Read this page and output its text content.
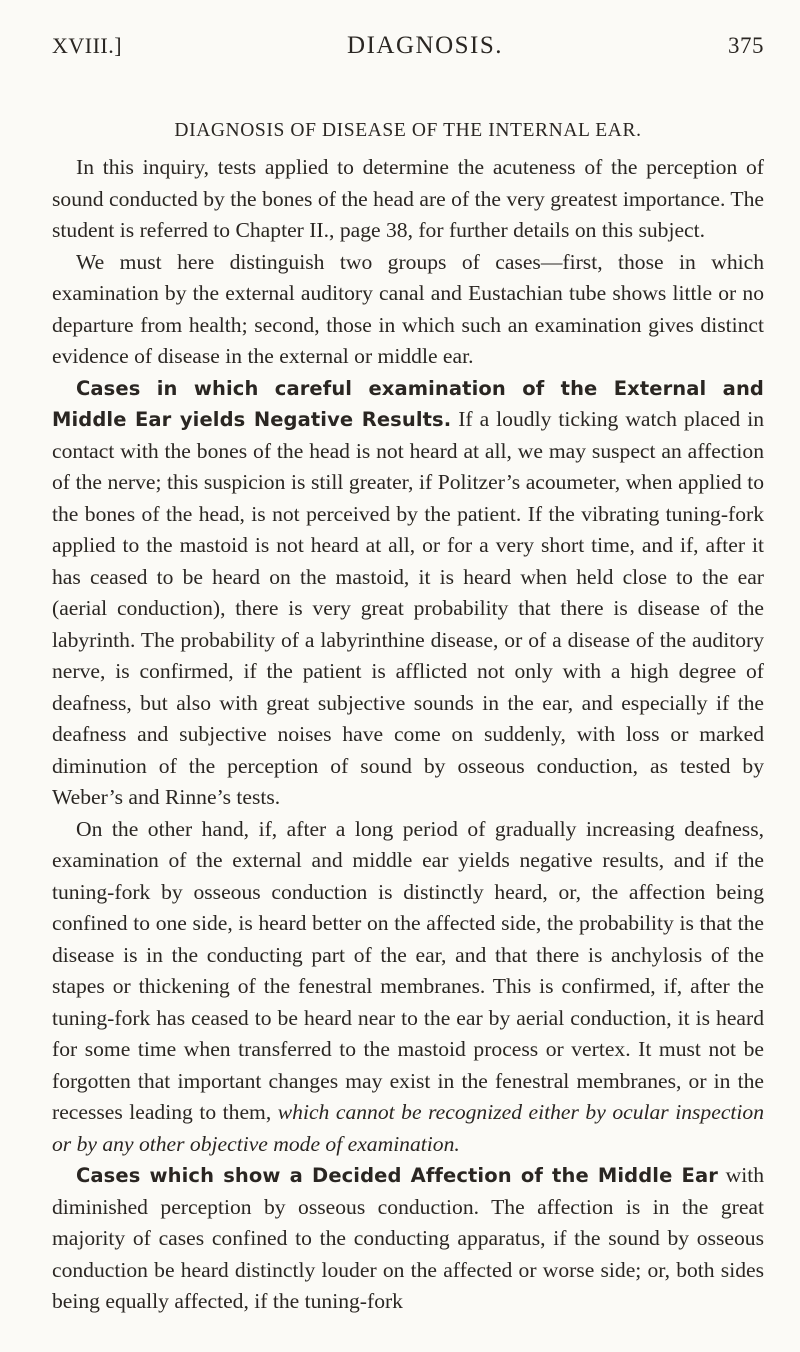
XVIII.]	DIAGNOSIS.	375
DIAGNOSIS OF DISEASE OF THE INTERNAL EAR.

In this inquiry, tests applied to determine the acuteness of the perception of sound conducted by the bones of the head are of the very greatest importance. The student is referred to Chapter II., page 38, for further details on this subject.

We must here distinguish two groups of cases—first, those in which examination by the external auditory canal and Eustachian tube shows little or no departure from health; second, those in which such an examination gives distinct evidence of disease in the external or middle ear.

Cases in which careful examination of the External and Middle Ear yields Negative Results. If a loudly ticking watch placed in contact with the bones of the head is not heard at all, we may suspect an affection of the nerve; this suspicion is still greater, if Politzer’s acoumeter, when applied to the bones of the head, is not perceived by the patient. If the vibrating tuning-fork applied to the mastoid is not heard at all, or for a very short time, and if, after it has ceased to be heard on the mastoid, it is heard when held close to the ear (aerial conduction), there is very great probability that there is disease of the labyrinth. The probability of a labyrinthine disease, or of a disease of the auditory nerve, is confirmed, if the patient is afflicted not only with a high degree of deafness, but also with great subjective sounds in the ear, and especially if the deafness and subjective noises have come on suddenly, with loss or marked diminution of the perception of sound by osseous conduction, as tested by Weber’s and Rinne’s tests.

On the other hand, if, after a long period of gradually increasing deafness, examination of the external and middle ear yields negative results, and if the tuning-fork by osseous conduction is distinctly heard, or, the affection being confined to one side, is heard better on the affected side, the probability is that the disease is in the conducting part of the ear, and that there is anchylosis of the stapes or thickening of the fenestral membranes. This is confirmed, if, after the tuning-fork has ceased to be heard near to the ear by aerial conduction, it is heard for some time when transferred to the mastoid process or vertex. It must not be forgotten that important changes may exist in the fenestral membranes, or in the recesses leading to them, which cannot be recognized either by ocular inspection or by any other objective mode of examination.

Cases which show a Decided Affection of the Middle Ear with diminished perception by osseous conduction. The affection is in the great majority of cases confined to the conducting apparatus, if the sound by osseous conduction be heard distinctly louder on the affected or worse side; or, both sides being equally affected, if the tuning-fork
